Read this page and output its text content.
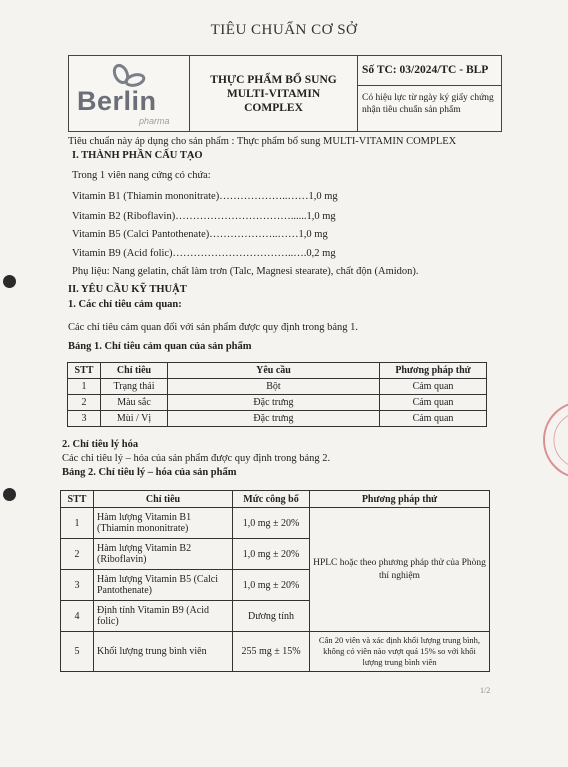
TIÊU CHUẨN CƠ SỞ
Berlin
pharma
THỰC PHẨM BỔ SUNG
MULTI-VITAMIN
COMPLEX
Số TC: 03/2024/TC - BLP
Có hiệu lực từ ngày ký giấy chứng nhận tiêu chuẩn sản phẩm
Tiêu chuẩn này áp dụng cho sản phẩm : Thực phẩm bổ sung MULTI-VITAMIN COMPLEX
I. THÀNH PHẦN CẤU TẠO
Trong 1 viên nang cứng có chứa:
Vitamin B1 (Thiamin mononitrate)………………..……1,0 mg
Vitamin B2 (Riboflavin)……………………………......1,0 mg
Vitamin B5 (Calci Pantothenate)………………..……1,0 mg
Vitamin B9 (Acid folic)……………………………..….0,2 mg
Phụ liệu: Nang gelatin, chất làm trơn (Talc, Magnesi stearate), chất độn (Amidon).
II. YÊU CẦU KỸ THUẬT
1. Các chỉ tiêu cảm quan:
Các chỉ tiêu cảm quan đối với sản phẩm được quy định trong bảng 1.
Bảng 1. Chỉ tiêu cảm quan của sản phẩm
STT	Chỉ tiêu	Yêu cầu	Phương pháp thử
1	Trạng thái	Bột	Cảm quan
2	Màu sắc	Đặc trưng	Cảm quan
3	Mùi / Vị	Đặc trưng	Cảm quan
2. Chỉ tiêu lý hóa
Các chỉ tiêu lý – hóa của sản phẩm được quy định trong bảng 2.
Bảng 2. Chỉ tiêu lý – hóa của sản phẩm
STT	Chỉ tiêu	Mức công bố	Phương pháp thử
1	Hàm lượng Vitamin B1 (Thiamin mononitrate)	1,0 mg ± 20%	HPLC hoặc theo phương pháp thử của Phòng thí nghiệm
2	Hàm lượng Vitamin B2 (Riboflavin)	1,0 mg ± 20%	
3	Hàm lượng Vitamin B5 (Calci Pantothenate)	1,0 mg ± 20%	
4	Định tính Vitamin B9 (Acid folic)	Dương tính	
5	Khối lượng trung bình viên	255 mg ± 15%	Cân 20 viên và xác định khối lượng trung bình, không có viên nào vượt quá 15% so với khối lượng trung bình viên
1/2
